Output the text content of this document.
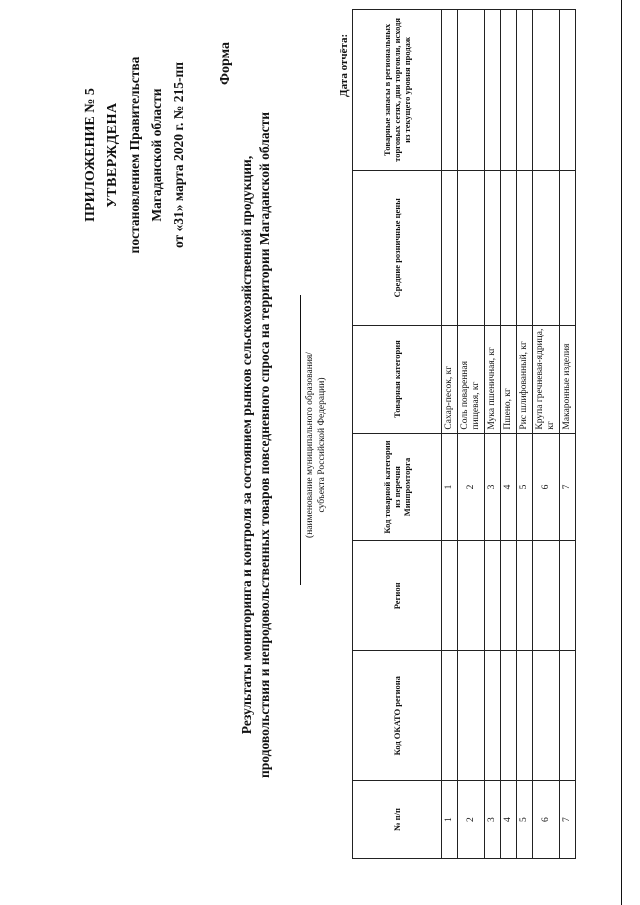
ПРИЛОЖЕНИЕ № 5 УТВЕРЖДЕНА постановлением Правительства Магаданской области от «31» марта 2020 г. № 215-пп Форма
Результаты мониторинга и контроля за состоянием рынков сельскохозяйственной продукции, продовольствия и непродовольственных товаров повседневного спроса на территории Магаданской области	(наименование муниципального образования/ субъекта Российской Федерации)
Дата отчёта:
№ п/п	Код ОКАТО региона	Регион	Код товарной категории из перечня Минпромторга	Товарная категория	Средние розничные цены	Товарные запасы в региональных торговых сетях, дни торговли, исходя из текущего уровня продаж
1			1	Сахар-песок, кг		
2			2	Соль поваренная пищевая, кг		
3			3	Мука пшеничная, кг		
4			4	Пшено, кг		
5			5	Рис шлифованный, кг		
6			6	Крупа гречневая-ядрица, кг		
7			7	Макаронные изделия		
